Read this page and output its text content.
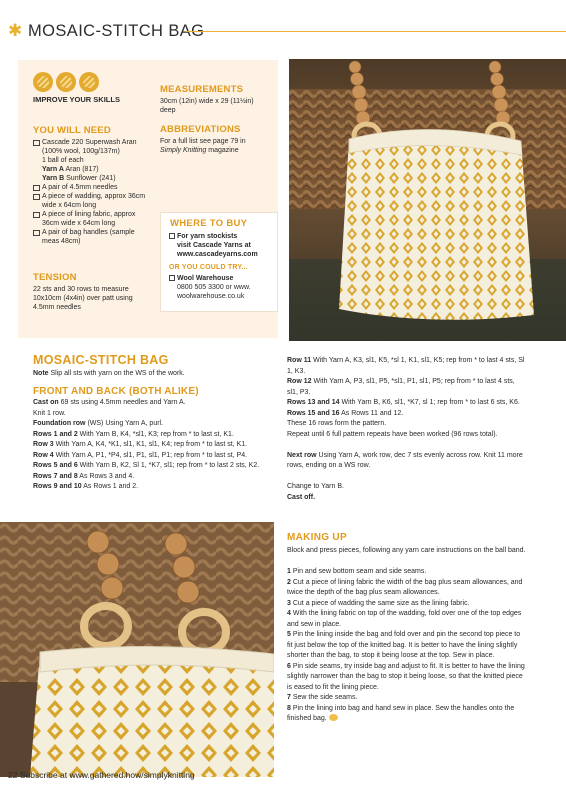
✱ MOSAIC-STITCH BAG
IMPROVE YOUR SKILLS
YOU WILL NEED
Cascade 220 Superwash Aran
(100% wool, 100g/137m)
1 ball of each
Yarn A Aran (817)
Yarn B Sunflower (241)
A pair of 4.5mm needles
A piece of wadding, approx 36cm
wide x 64cm long
A piece of lining fabric, approx
36cm wide x 64cm long
A pair of bag handles (sample
meas 48cm)
TENSION
22 sts and 30 rows to measure
10x10cm (4x4in) over patt using
4.5mm needles
MEASUREMENTS
30cm (12in) wide x 29 (11½in)
deep
ABBREVIATIONS
For a full list see page 79 in
Simply Knitting magazine
WHERE TO BUY
For yarn stockists
visit Cascade Yarns at
www.cascadeyarns.com
OR YOU COULD TRY...
Wool Warehouse
0800 505 3300 or www.
woolwarehouse.co.uk
MOSAIC-STITCH BAG
Note Slip all sts with yarn on the WS of the work.
FRONT AND BACK (BOTH ALIKE)
Cast on 69 sts using 4.5mm needles and Yarn A.
Knit 1 row.
Foundation row (WS) Using Yarn A, purl.
Rows 1 and 2 With Yarn B, K4, *sl1, K3; rep from * to last st, K1.
Row 3 With Yarn A, K4, *K1, sl1, K1, sl1, K4; rep from * to last st, K1.
Row 4 With Yarn A, P1, *P4, sl1, P1, sl1, P1; rep from * to last st, P4.
Rows 5 and 6 With Yarn B, K2, Sl 1, *K7, sl1; rep from * to last 2 sts, K2.
Rows 7 and 8 As Rows 3 and 4.
Rows 9 and 10 As Rows 1 and 2.
Row 11 With Yarn A, K3, sl1, K5, *sl 1, K1, sl1, K5; rep from * to last 4 sts, Sl 1, K3.
Row 12 With Yarn A, P3, sl1, P5, *sl1, P1, sl1, P5; rep from * to last 4 sts, sl1, P3.
Rows 13 and 14 With Yarn B, K6, sl1, *K7, sl 1; rep from * to last 6 sts, K6.
Rows 15 and 16 As Rows 11 and 12.
These 16 rows form the pattern.
Repeat until 6 full pattern repeats have been worked (96 rows total).
Next row Using Yarn A, work row, dec 7 sts evenly across row. Knit 11 more rows, ending on a WS row.
Change to Yarn B.
Cast off.
MAKING UP
Block and press pieces, following any yarn care instructions on the ball band.
1 Pin and sew bottom seam and side seams.
2 Cut a piece of lining fabric the width of the bag plus seam allowances, and twice the depth of the bag plus seam allowances.
3 Cut a piece of wadding the same size as the lining fabric.
4 With the lining fabric on top of the wadding, fold over one of the top edges and sew in place.
5 Pin the lining inside the bag and fold over and pin the second top piece to fit just below the top of the knitted bag. It is better to have the lining slightly shorter than the bag, to stop it being loose at the top. Sew in place.
6 Pin side seams, try inside bag and adjust to fit. It is better to have the lining slightly narrower than the bag to stop it being loose, so that the knitted piece is eased to fit the lining piece.
7 Sew the side seams.
8 Pin the lining into bag and hand sew in place. Sew the handles onto the finished bag.
22 Subscribe at www.gathered.how/simplyknitting
PassionForum.ru
